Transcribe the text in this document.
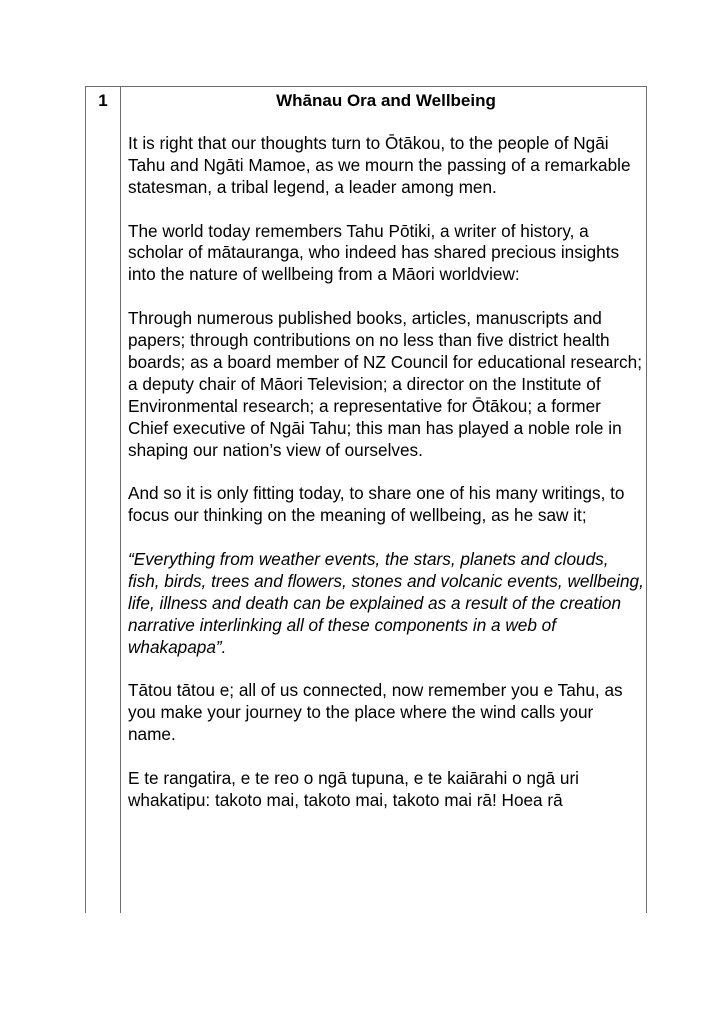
1	Whānau Ora and Wellbeing

It is right that our thoughts turn to Ōtākou, to the people of Ngāi Tahu and Ngāti Mamoe, as we mourn the passing of a remarkable statesman, a tribal legend, a leader among men.

The world today remembers Tahu Pōtiki, a writer of history, a scholar of mātauranga, who indeed has shared precious insights into the nature of wellbeing from a Māori worldview:

Through numerous published books, articles, manuscripts and papers; through contributions on no less than five district health boards; as a board member of NZ Council for educational research; a deputy chair of Māori Television; a director on the Institute of Environmental research; a representative for Ōtākou; a former Chief executive of Ngāi Tahu; this man has played a noble role in shaping our nation’s view of ourselves.

And so it is only fitting today, to share one of his many writings, to focus our thinking on the meaning of wellbeing, as he saw it;

“Everything from weather events, the stars, planets and clouds, fish, birds, trees and flowers, stones and volcanic events, wellbeing, life, illness and death can be explained as a result of the creation narrative interlinking all of these components in a web of whakapapa”.

Tātou tātou e; all of us connected, now remember you e Tahu, as you make your journey to the place where the wind calls your name.

E te rangatira, e te reo o ngā tupuna, e te kaiārahi o ngā uri whakatipu: takoto mai, takoto mai, takoto mai rā! Hoea rā
